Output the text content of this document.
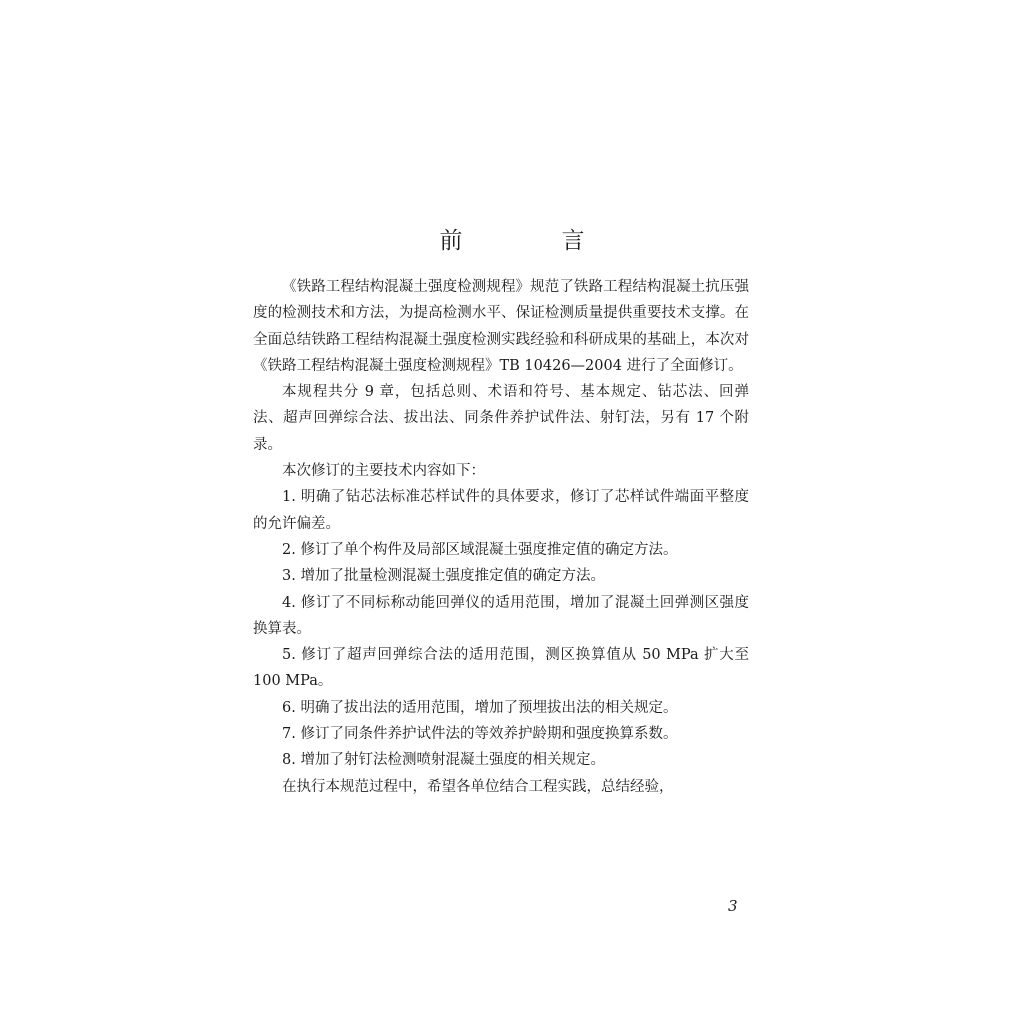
前　言

《铁路工程结构混凝土强度检测规程》规范了铁路工程结构混凝土抗压强度的检测技术和方法，为提高检测水平、保证检测质量提供重要技术支撑。在全面总结铁路工程结构混凝土强度检测实践经验和科研成果的基础上，本次对《铁路工程结构混凝土强度检测规程》TB 10426—2004 进行了全面修订。

本规程共分 9 章，包括总则、术语和符号、基本规定、钻芯法、回弹法、超声回弹综合法、拔出法、同条件养护试件法、射钉法，另有 17 个附录。

本次修订的主要技术内容如下：

1. 明确了钻芯法标准芯样试件的具体要求，修订了芯样试件端面平整度的允许偏差。

2. 修订了单个构件及局部区域混凝土强度推定值的确定方法。

3. 增加了批量检测混凝土强度推定值的确定方法。

4. 修订了不同标称动能回弹仪的适用范围，增加了混凝土回弹测区强度换算表。

5. 修订了超声回弹综合法的适用范围，测区换算值从 50 MPa 扩大至 100 MPa。

6. 明确了拔出法的适用范围，增加了预埋拔出法的相关规定。

7. 修订了同条件养护试件法的等效养护龄期和强度换算系数。

8. 增加了射钉法检测喷射混凝土强度的相关规定。

在执行本规范过程中，希望各单位结合工程实践，总结经验，

3
